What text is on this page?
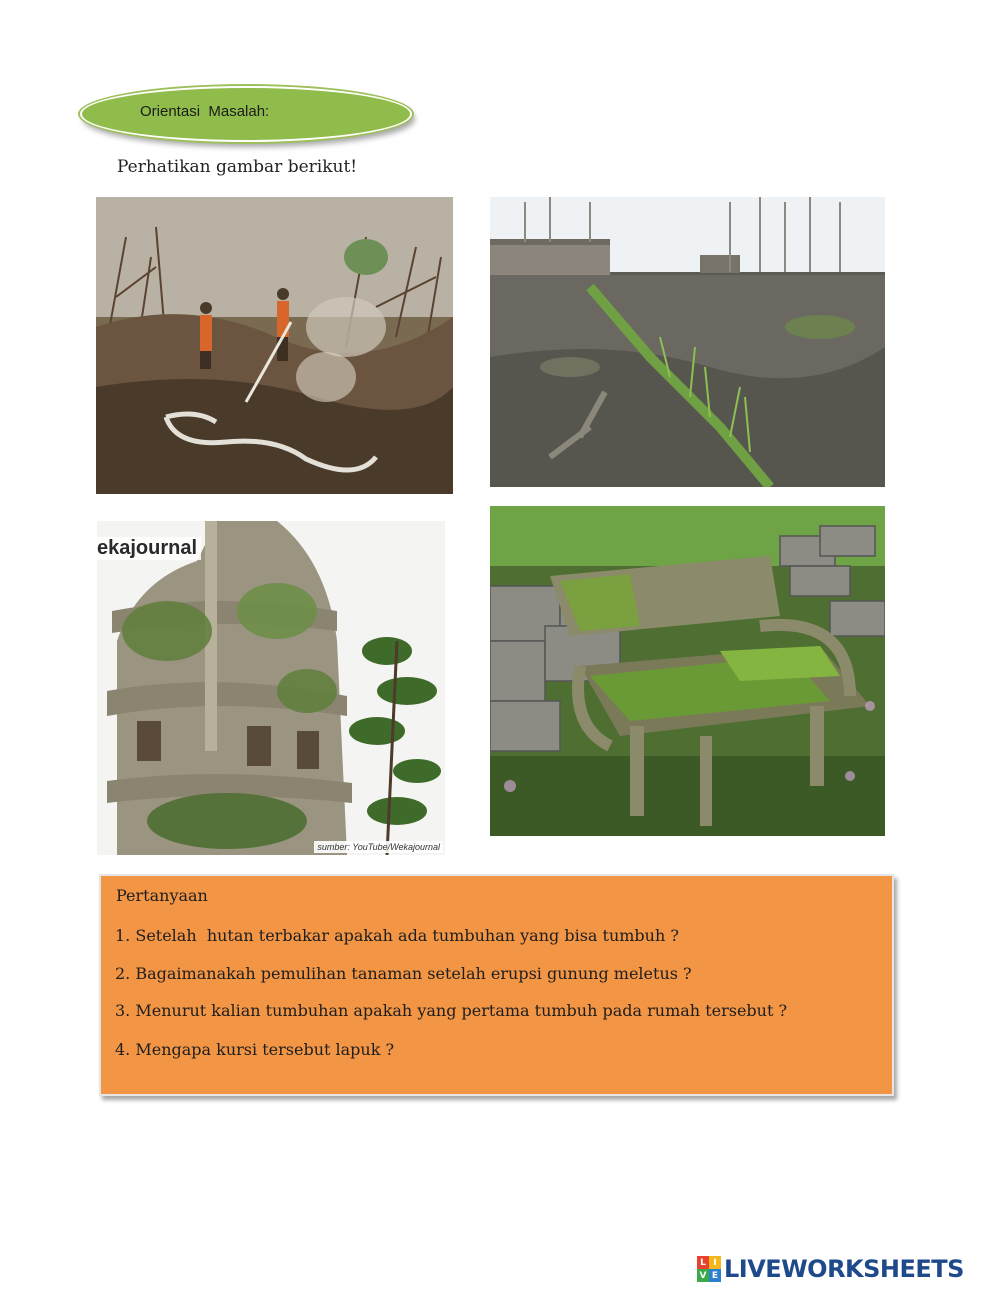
Orientasi  Masalah:
Perhatikan gambar berikut!
ekajournal
sumber: YouTube/Wekajournal
Pertanyaan
1. Setelah  hutan terbakar apakah ada tumbuhan yang bisa tumbuh ?
2. Bagaimanakah pemulihan tanaman setelah erupsi gunung meletus ?
3. Menurut kalian tumbuhan apakah yang pertama tumbuh pada rumah tersebut ?
4. Mengapa kursi tersebut lapuk ?
L I
V E LIVEWORKSHEETS
